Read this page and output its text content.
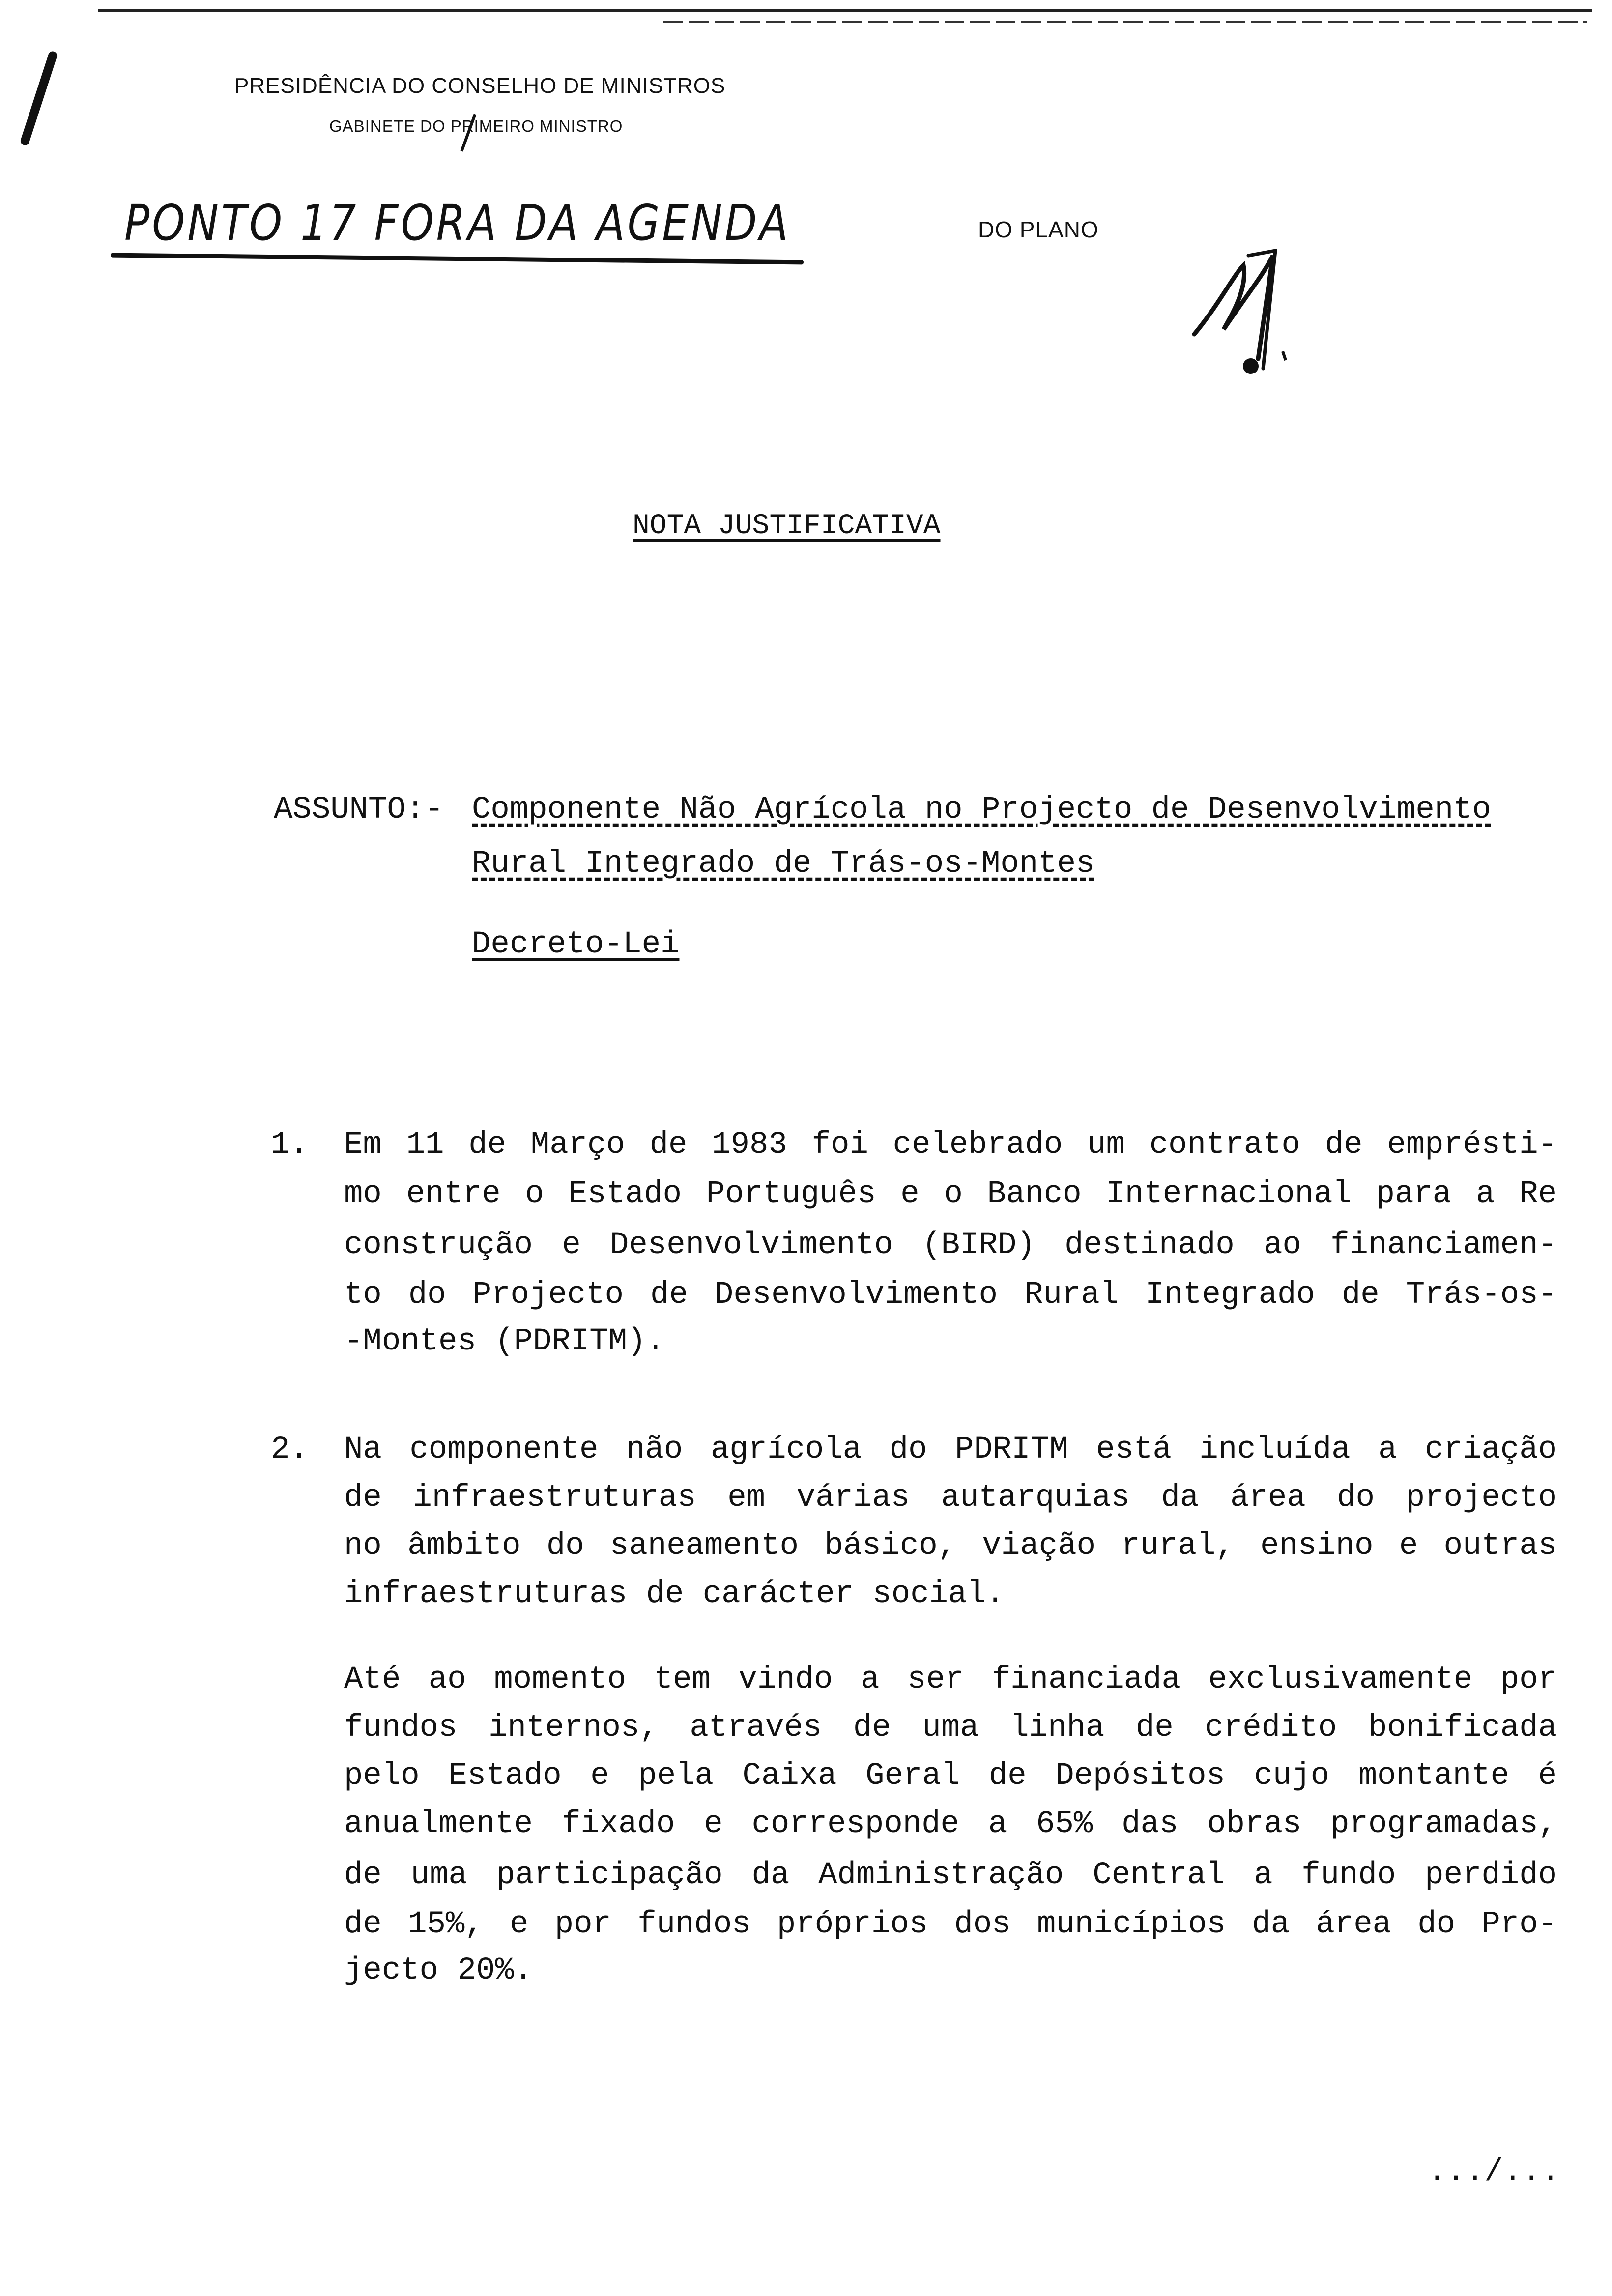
PRESIDÊNCIA DO CONSELHO DE MINISTROS
GABINETE DO PRIMEIRO MINISTRO
PONTO 17 FORA DA AGENDA	DO PLANO
NOTA JUSTIFICATIVA
ASSUNTO:- Componente Não Agrícola no Projecto de Desenvolvimento
Rural Integrado de Trás-os-Montes
Decreto-Lei
1. Em 11 de Março de 1983 foi celebrado um contrato de emprésti-
mo entre o Estado Português e o Banco Internacional para a Re
construção e Desenvolvimento (BIRD) destinado ao financiamen-
to do Projecto de Desenvolvimento Rural Integrado de Trás-os-
-Montes (PDRITM).
2. Na componente não agrícola do PDRITM está incluída a criação
de infraestruturas em várias autarquias da área do projecto
no âmbito do saneamento básico, viação rural, ensino e outras
infraestruturas de carácter social.
Até ao momento tem vindo a ser financiada exclusivamente por
fundos internos, através de uma linha de crédito bonificada
pelo Estado e pela Caixa Geral de Depósitos cujo montante é
anualmente fixado e corresponde a 65% das obras programadas,
de uma participação da Administração Central a fundo perdido
de 15%, e por fundos próprios dos municípios da área do Pro-
jecto 20%.
.../...
